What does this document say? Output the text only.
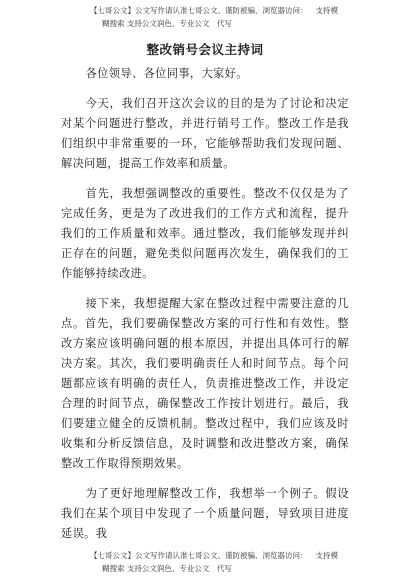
【七哥公文】公文写作请认准七哥公文、谨防被骗、浏览器访问： 支持模
糊搜索 支持公文润色、专业公文　代写
整改销号会议主持词

各位领导、各位同事，大家好。

今天，我们召开这次会议的目的是为了讨论和决定对某个问题进行整改，并进行销号工作。整改工作是我们组织中非常重要的一环，它能够帮助我们发现问题、解决问题，提高工作效率和质量。

首先，我想强调整改的重要性。整改不仅仅是为了完成任务，更是为了改进我们的工作方式和流程，提升我们的工作质量和效率。通过整改，我们能够发现并纠正存在的问题，避免类似问题再次发生，确保我们的工作能够持续改进。

接下来，我想提醒大家在整改过程中需要注意的几点。首先，我们要确保整改方案的可行性和有效性。整改方案应该明确问题的根本原因，并提出具体可行的解决方案。其次，我们要明确责任人和时间节点。每个问题都应该有明确的责任人，负责推进整改工作，并设定合理的时间节点，确保整改工作按计划进行。最后，我们要建立健全的反馈机制。整改过程中，我们应该及时收集和分析反馈信息，及时调整和改进整改方案，确保整改工作取得预期效果。

为了更好地理解整改工作，我想举一个例子。假设我们在某个项目中发现了一个质量问题，导致项目进度延误。我

【七哥公文】公文写作请认准七哥公文、谨防被骗、浏览器访问： 支持模
糊搜索 支持公文润色、专业公文　代写
